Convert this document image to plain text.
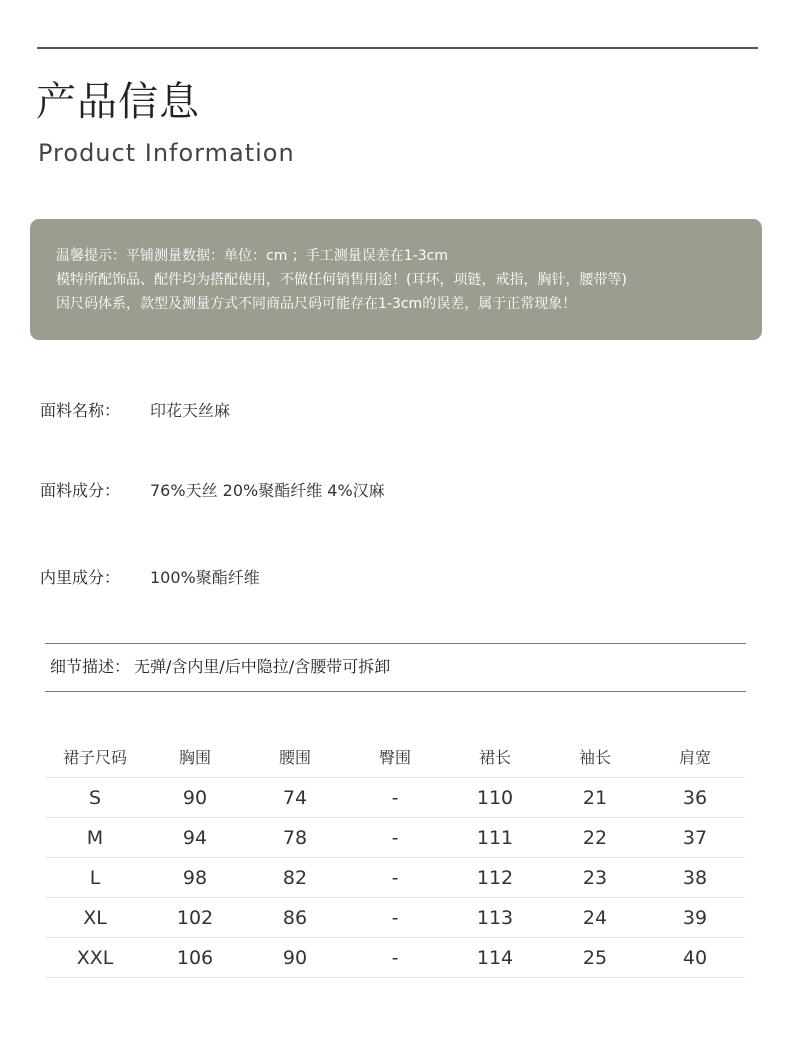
产品信息
Product Information
温馨提示：平铺测量数据：单位：cm ；手工测量误差在1-3cm
模特所配饰品、配件均为搭配使用，不做任何销售用途！(耳环，项链，戒指，胸针，腰带等)
因尺码体系，款型及测量方式不同商品尺码可能存在1-3cm的误差，属于正常现象！
面料名称： 印花天丝麻
面料成分： 76%天丝 20%聚酯纤维 4%汉麻
内里成分： 100%聚酯纤维
细节描述： 无弹/含内里/后中隐拉/含腰带可拆卸
裙子尺码	胸围	腰围	臀围	裙长	袖长	肩宽
S	90	74	-	110	21	36
M	94	78	-	111	22	37
L	98	82	-	112	23	38
XL	102	86	-	113	24	39
XXL	106	90	-	114	25	40
